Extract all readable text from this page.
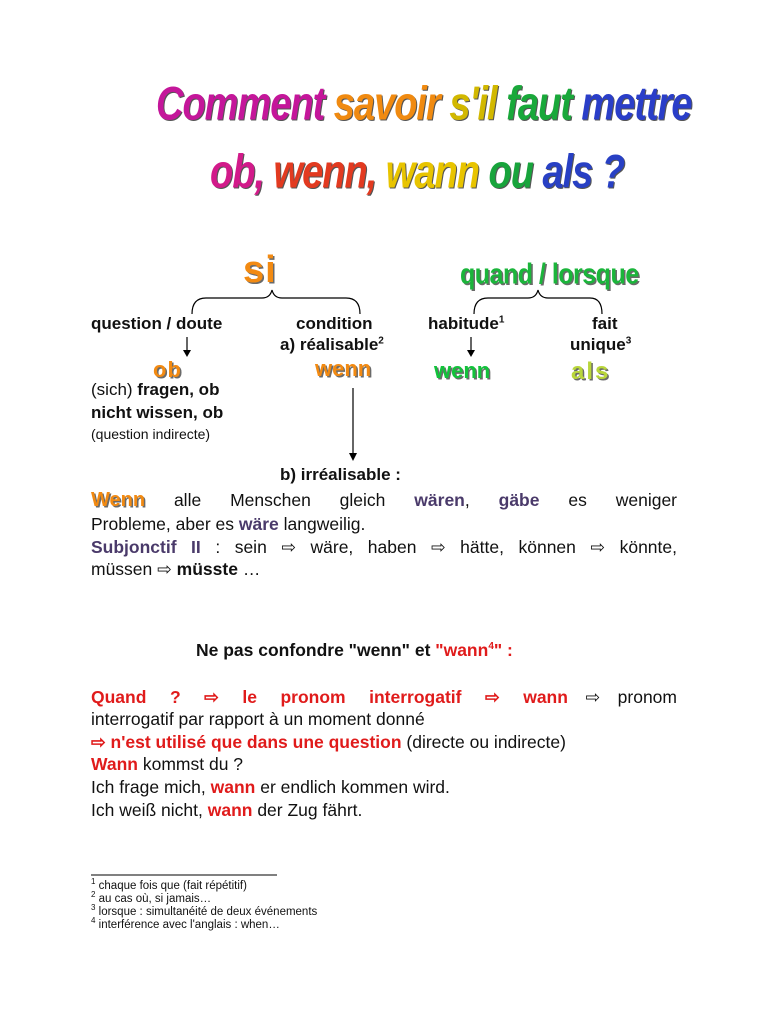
Comment savoir s'il faut mettre
ob, wenn, wann ou als ?
si	quand / lorsque
question / doute	condition
a) réalisable$^2$
habitude$^1$	fait
unique$^3$
ob	wenn	wenn	als
(sich) fragen, ob
nicht wissen, ob
(question indirecte)
b) irréalisable :
Wenn alle Menschen gleich wären, gäbe es weniger
Probleme, aber es wäre langweilig.
Subjonctif II : sein ⇨ wäre, haben ⇨ hätte, können ⇨ könnte,
müssen ⇨ müsste …
Ne pas confondre "wenn" et "wann$^4$" :
Quand ? ⇨ le pronom interrogatif ⇨ wann ⇨ pronom
interrogatif par rapport à un moment donné
⇨ n'est utilisé que dans une question (directe ou indirecte)
Wann kommst du ?
Ich frage mich, wann er endlich kommen wird.
Ich weiß nicht, wann der Zug fährt.
$^1$ chaque fois que (fait répétitif)
$^2$ au cas où, si jamais…
$^3$ lorsque : simultanéité de deux événements
$^4$ interférence avec l'anglais : when…
